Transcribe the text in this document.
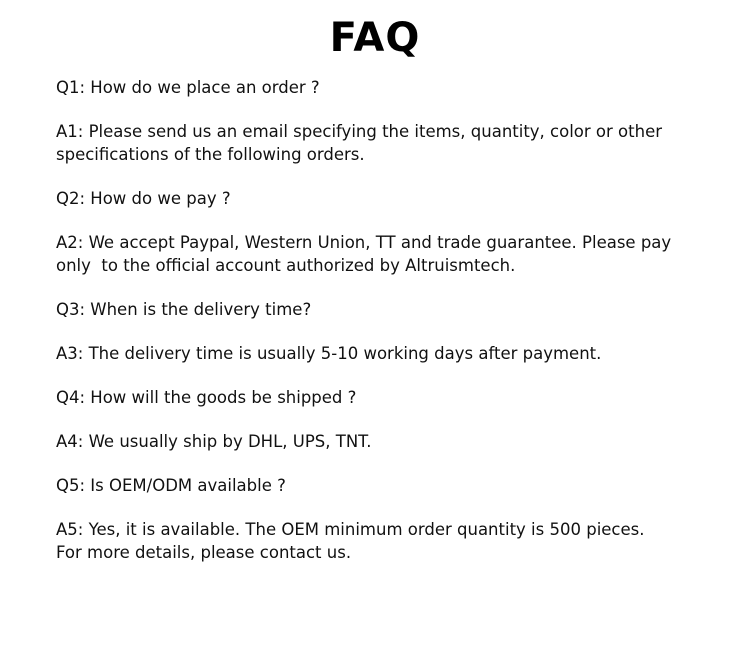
FAQ

Q1: How do we place an order ?

A1: Please send us an email specifying the items, quantity, color or other
specifications of the following orders.

Q2: How do we pay ?

A2: We accept Paypal, Western Union, TT and trade guarantee. Please pay
only  to the official account authorized by Altruismtech.

Q3: When is the delivery time?

A3: The delivery time is usually 5-10 working days after payment.

Q4: How will the goods be shipped ?

A4: We usually ship by DHL, UPS, TNT.

Q5: Is OEM/ODM available ?

A5: Yes, it is available. The OEM minimum order quantity is 500 pieces.
For more details, please contact us.
